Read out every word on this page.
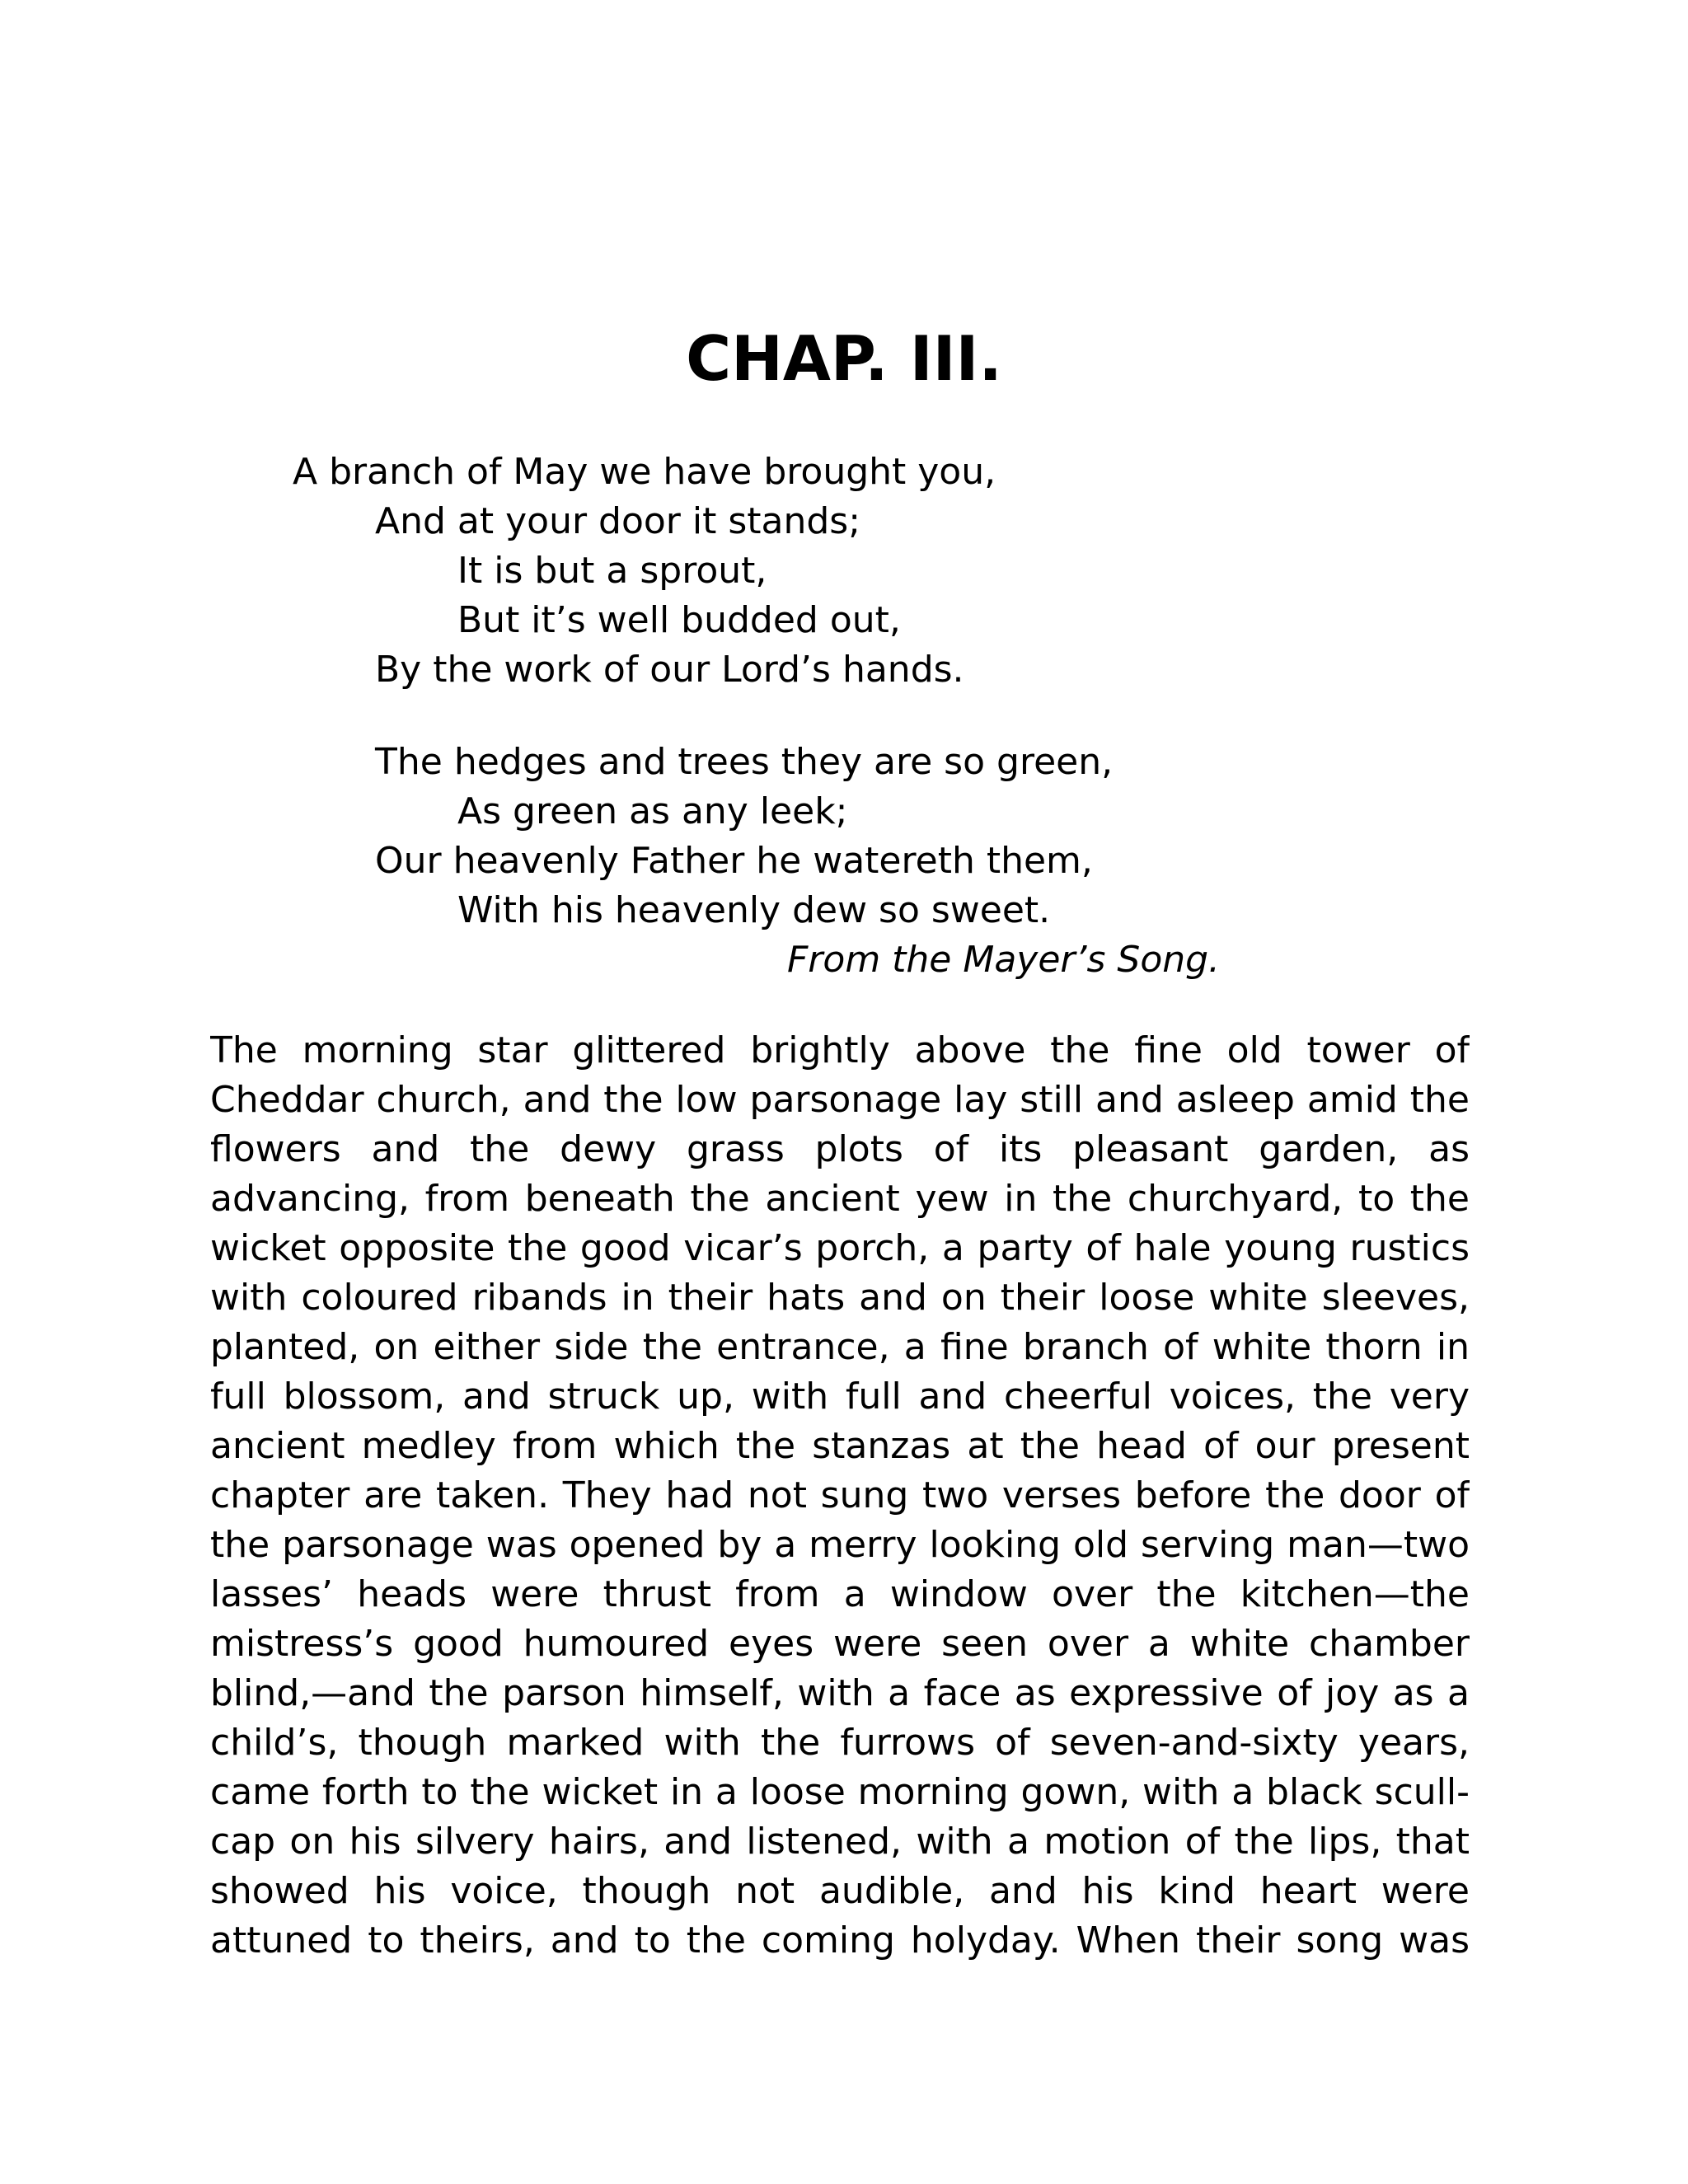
CHAP. III.
A branch of May we have brought you,
And at your door it stands;
It is but a sprout,
But it’s well budded out,
By the work of our Lord’s hands.
The hedges and trees they are so green,
As green as any leek;
Our heavenly Father he watereth them,
With his heavenly dew so sweet.
From the Mayer’s Song.
The morning star glittered brightly above the fine old tower of
Cheddar church, and the low parsonage lay still and asleep amid the
flowers and the dewy grass plots of its pleasant garden, as
advancing, from beneath the ancient yew in the churchyard, to the
wicket opposite the good vicar’s porch, a party of hale young rustics
with coloured ribands in their hats and on their loose white sleeves,
planted, on either side the entrance, a fine branch of white thorn in
full blossom, and struck up, with full and cheerful voices, the very
ancient medley from which the stanzas at the head of our present
chapter are taken. They had not sung two verses before the door of
the parsonage was opened by a merry looking old serving man—two
lasses’ heads were thrust from a window over the kitchen—the
mistress’s good humoured eyes were seen over a white chamber
blind,—and the parson himself, with a face as expressive of joy as a
child’s, though marked with the furrows of seven-and-sixty years,
came forth to the wicket in a loose morning gown, with a black scull-
cap on his silvery hairs, and listened, with a motion of the lips, that
showed his voice, though not audible, and his kind heart were
attuned to theirs, and to the coming holyday. When their song was
